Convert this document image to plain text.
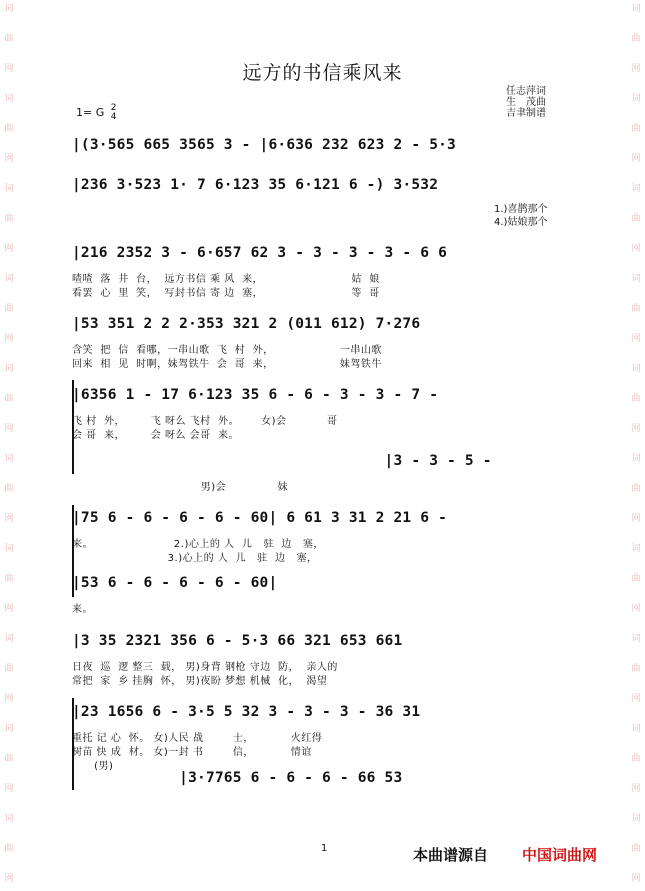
词
曲
网
词
曲
网
词
曲
网
词
曲
网
词
曲
网
词
曲
网
词
曲
网
词
曲
网
词
曲
网
词
曲
网
词
曲
网
词
曲
网
词
曲
网
词
曲
网
词
曲
网
词
曲
网
词
曲
网
词
曲
网
词
曲
网
词
曲
网
远方的书信乘风来
任志萍词
生　茂曲
吉聿制谱
1= G 2
4
|(3·565 665 3565 3 - |6·636 232 623 2 - 5·3
|236 3·523 1· 7 6·123 35 6·121 6 -) 3·532
1.)喜鹊那个
4.)姑娘那个
|216 2352 3 - 6·657 62 3 - 3 - 3 - 3 - 6 6
喳喳  落  井  台，  远方书信 乘 风  来，                        姑  娘
看罢  心  里  笑，  写封书信 寄 边  塞，                        等  哥
|53 351 2 2 2·353 321 2 (011 612) 7·276
含笑  把  信  看哪，一串山歌  飞  村  外，                  一串山歌
回来  相  见  时啊，妹驾铁牛  会  哥  来，                  妹驾铁牛
|6356 1 - 17 6·123 35 6 - 6 - 3 - 3 - 7 -
飞 村  外，       飞 呀么 飞村  外。      女)会           哥
会 哥  来，       会 呀么 会哥  来。
|3 - 3 - 5 -
男)会              妹
|75 6 - 6 - 6 - 6 - 60| 6 61 3 31 2 21 6 -
来。                      2.)心上的 人  儿   驻  边   塞，
3.)心上的 人  儿   驻  边   塞，
|53 6 - 6 - 6 - 6 - 60|
来。
|3 35 2321 356 6 - 5·3 66 321 653 661
日夜  巡  逻 整三  载， 男)身背 钢枪 守边  防，  亲人的
常把  家  乡 挂胸  怀， 男)夜盼 梦想 机械  化，  渴望
|23 1656 6 - 3·5 5 32 3 - 3 - 3 - 36 31
重托 记 心  怀。 女)人民 战        士，          火红得
树苗 快 成  材。 女)一封 书        信，          情谊
(男)
|3·7765 6 - 6 - 6 - 66 53
1	本曲谱源自 中国词曲网
